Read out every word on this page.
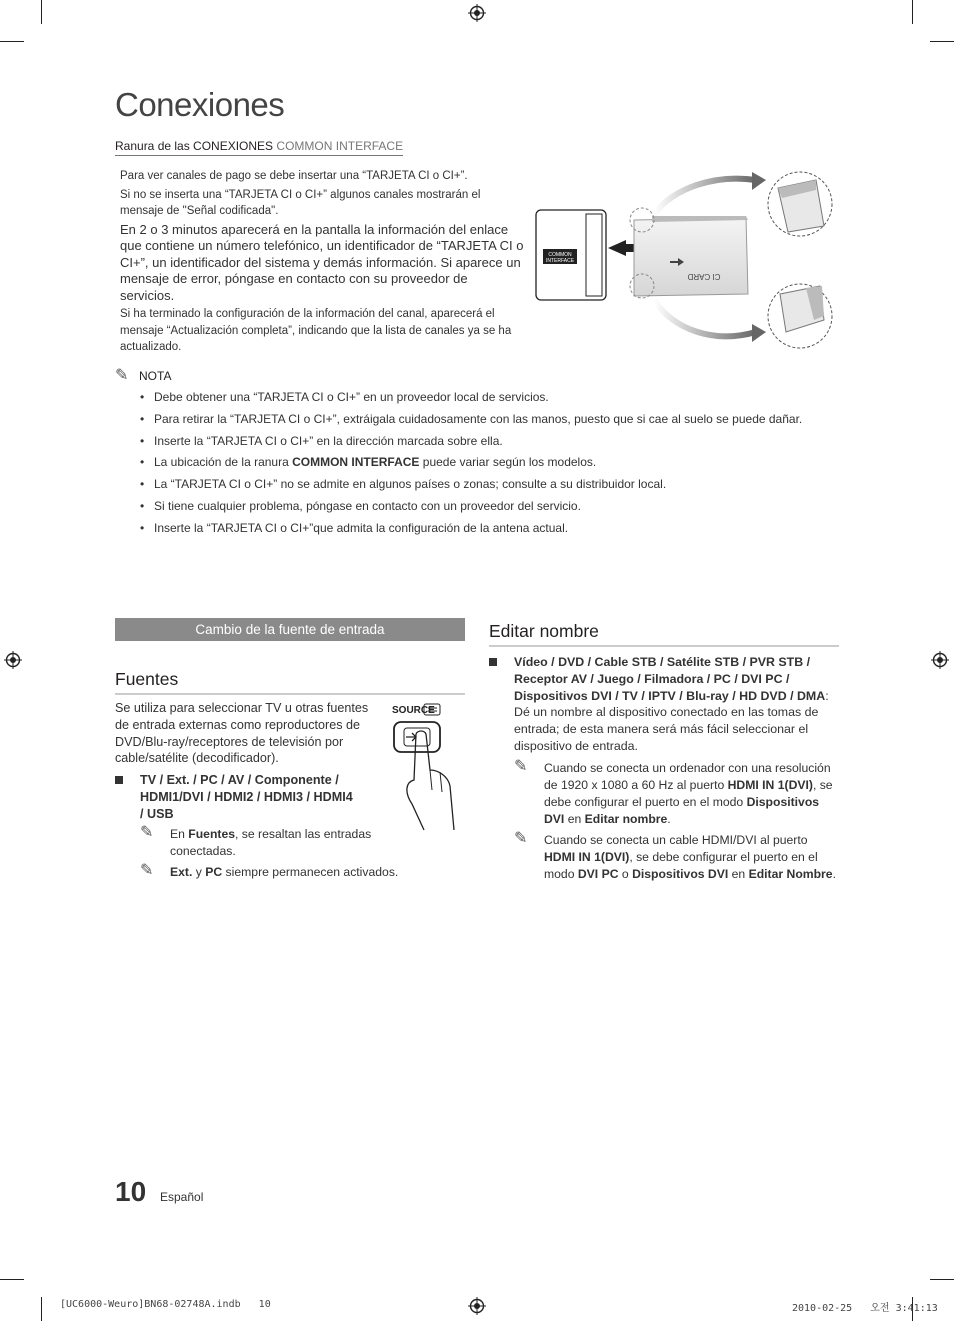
Conexiones
Ranura de las CONEXIONES COMMON INTERFACE

Para ver canales de pago se debe insertar una “TARJETA CI o CI+”.

Si no se inserta una “TARJETA CI o CI+” algunos canales mostrarán el mensaje de "Señal codificada".

En 2 o 3 minutos aparecerá en la pantalla la información del enlace que contiene un número telefónico, un identificador de “TARJETA CI o CI+”, un identificador del sistema y demás información. Si aparece un mensaje de error, póngase en contacto con su proveedor de servicios.

Si ha terminado la configuración de la información del canal, aparecerá el mensaje “Actualización completa”, indicando que la lista de canales ya se ha actualizado.

COMMON
INTERFACE
CI CARD
✎ NOTA
• Debe obtener una “TARJETA CI o CI+” en un proveedor local de servicios.
• Para retirar la “TARJETA CI o CI+”, extráigala cuidadosamente con las manos, puesto que si cae al suelo se puede dañar.
• Inserte la “TARJETA CI o CI+” en la dirección marcada sobre ella.
• La ubicación de la ranura COMMON INTERFACE puede variar según los modelos.
• La “TARJETA CI o CI+” no se admite en algunos países o zonas; consulte a su distribuidor local.
• Si tiene cualquier problema, póngase en contacto con un proveedor del servicio.
• Inserte la “TARJETA CI o CI+”que admita la configuración de la antena actual.
Cambio de la fuente de entrada
Fuentes
Se utiliza para seleccionar TV u otras fuentes de entrada externas como reproductores de DVD/Blu-ray/receptores de televisión por cable/satélite (decodificador).
SOURCE
TV / Ext. / PC / AV / Componente / HDMI1/DVI / HDMI2 / HDMI3 / HDMI4 / USB
✎	En Fuentes, se resaltan las entradas conectadas.
✎	Ext. y PC siempre permanecen activados.
Editar nombre
Vídeo / DVD / Cable STB / Satélite STB / PVR STB / Receptor AV / Juego / Filmadora / PC / DVI PC / Dispositivos DVI / TV / IPTV / Blu-ray / HD DVD / DMA: Dé un nombre al dispositivo conectado en las tomas de entrada; de esta manera será más fácil seleccionar el dispositivo de entrada.
✎	Cuando se conecta un ordenador con una resolución de 1920 x 1080 a 60 Hz al puerto HDMI IN 1(DVI), se debe configurar el puerto en el modo Dispositivos DVI en Editar nombre.
✎	Cuando se conecta un cable HDMI/DVI al puerto HDMI IN 1(DVI), se debe configurar el puerto en el modo DVI PC o Dispositivos DVI en Editar Nombre.
10 Español
[UC6000-Weuro]BN68-02748A.indb   10	2010-02-25   오전 3:41:13
